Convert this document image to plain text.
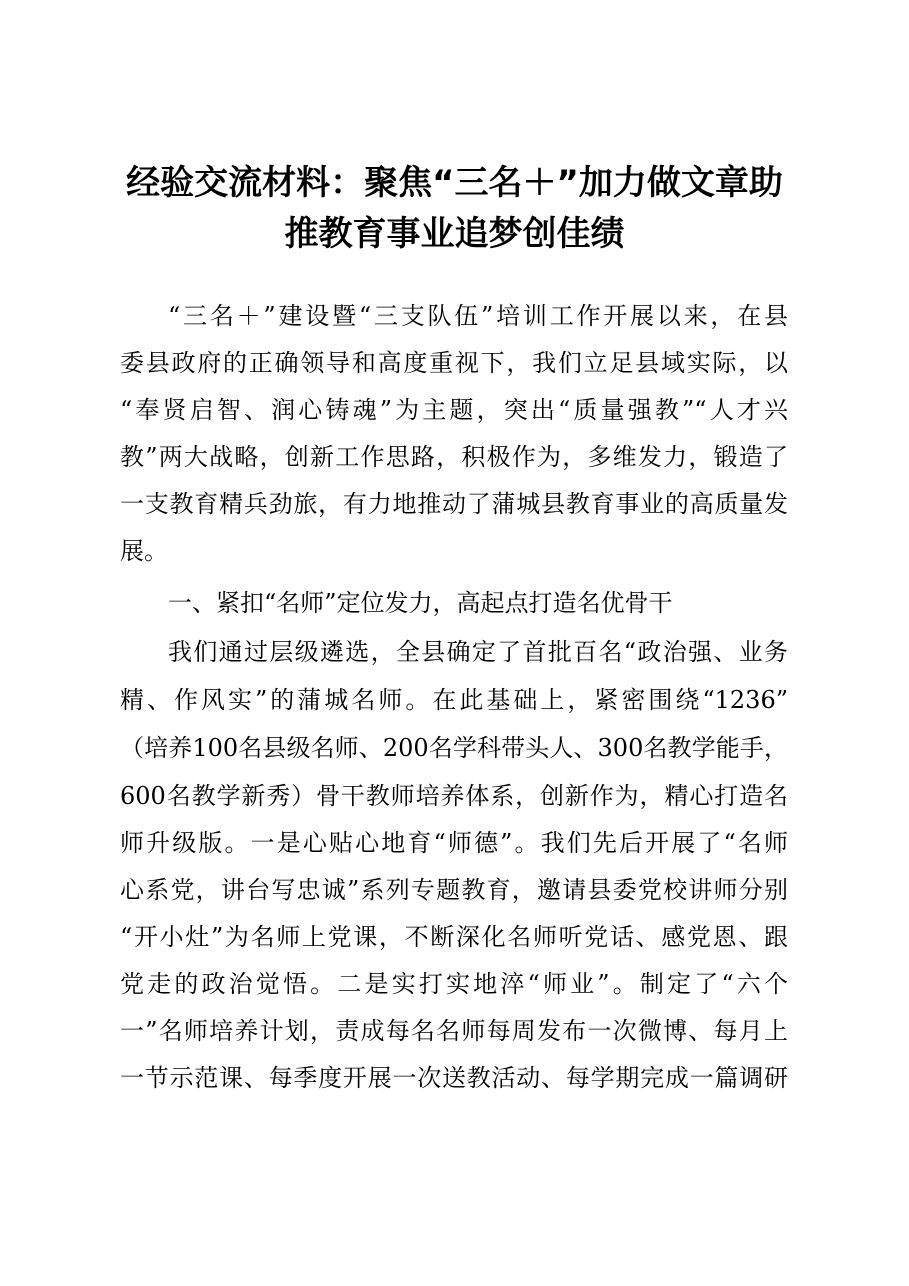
经验交流材料：聚焦“三名＋”加力做文章助
推教育事业追梦创佳绩

“三名＋”建设暨“三支队伍”培训工作开展以来，在县

委县政府的正确领导和高度重视下，我们立足县域实际，以

“奉贤启智、润心铸魂”为主题，突出“质量强教”“人才兴

教”两大战略，创新工作思路，积极作为，多维发力，锻造了

一支教育精兵劲旅，有力地推动了蒲城县教育事业的高质量发

展。

一、紧扣“名师”定位发力，高起点打造名优骨干

我们通过层级遴选，全县确定了首批百名“政治强、业务

精、作风实”的蒲城名师。在此基础上，紧密围绕“1236”

（培养100名县级名师、200名学科带头人、300名教学能手，

600名教学新秀）骨干教师培养体系，创新作为，精心打造名

师升级版。一是心贴心地育“师德”。我们先后开展了“名师

心系党，讲台写忠诚”系列专题教育，邀请县委党校讲师分别

“开小灶”为名师上党课，不断深化名师听党话、感党恩、跟

党走的政治觉悟。二是实打实地淬“师业”。制定了“六个

一”名师培养计划，责成每名名师每周发布一次微博、每月上

一节示范课、每季度开展一次送教活动、每学期完成一篇调研
